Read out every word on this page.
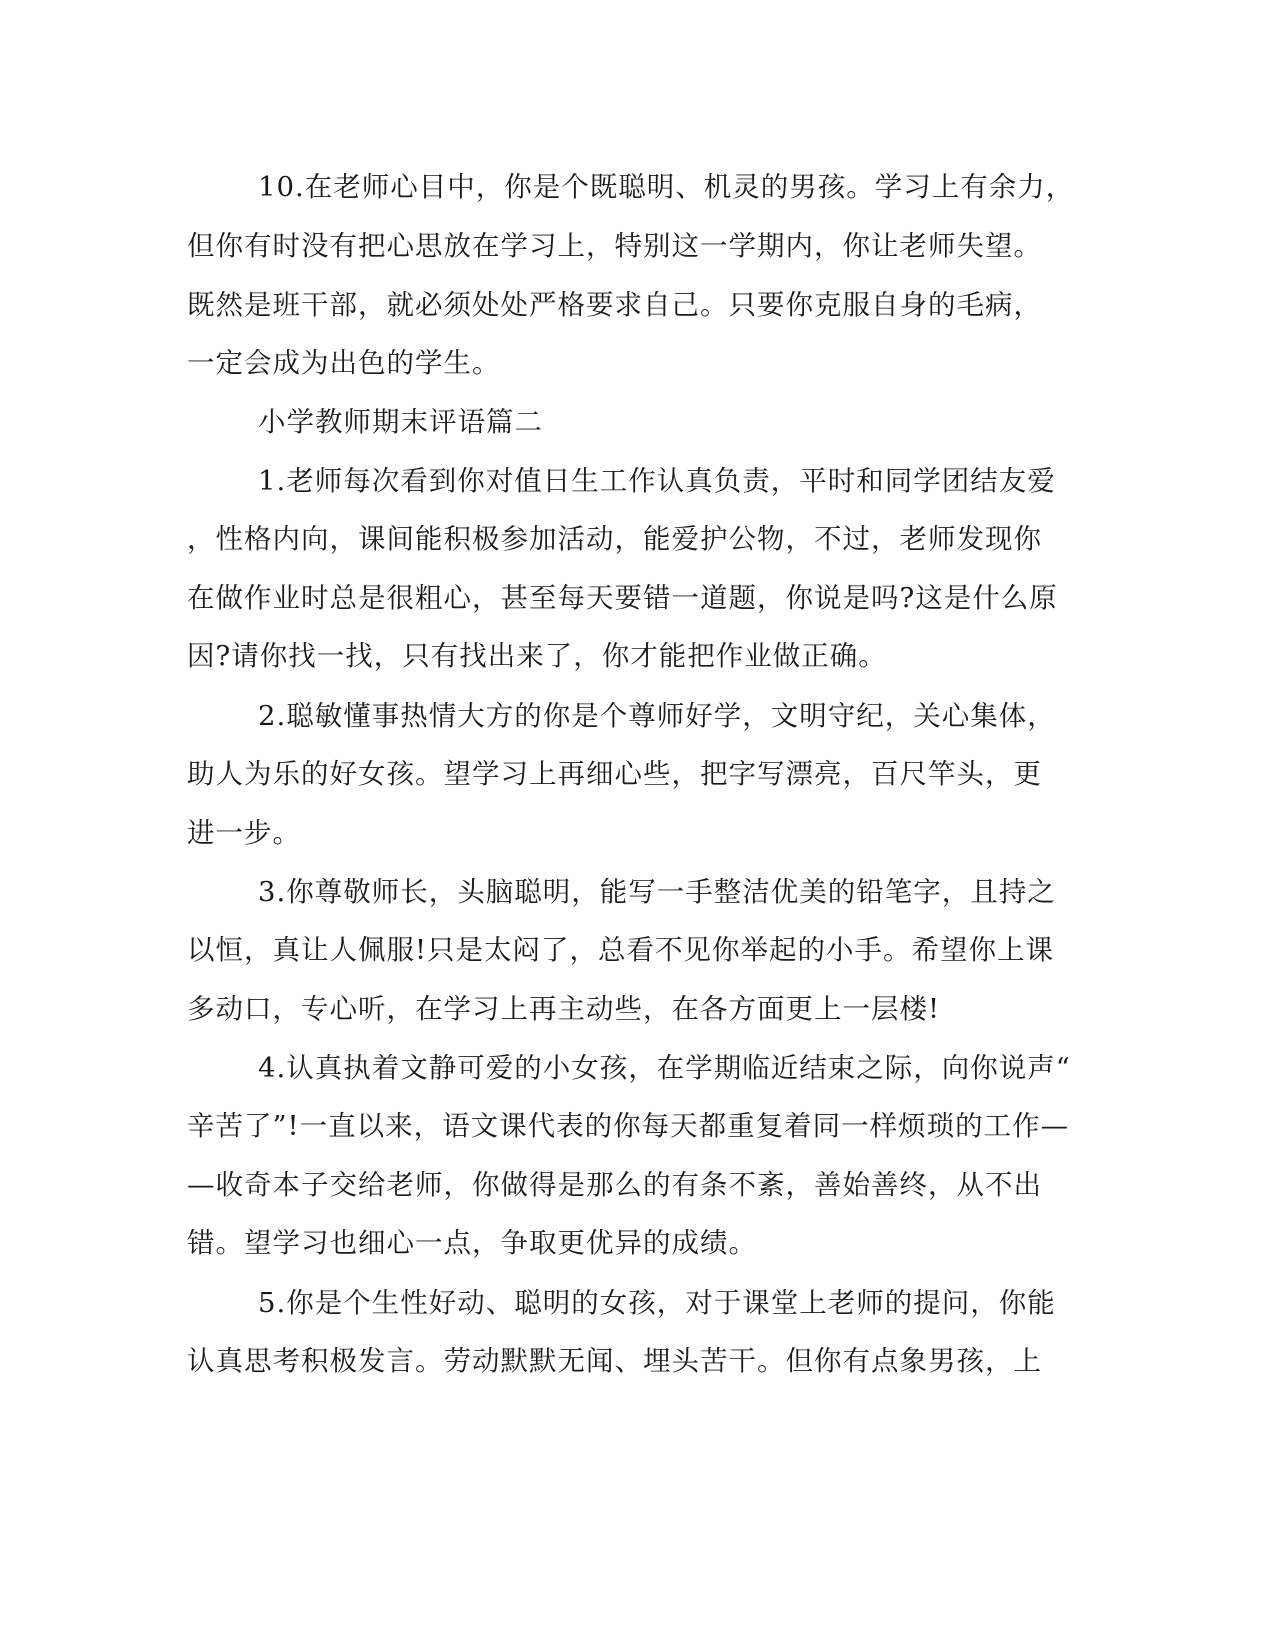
10.在老师心目中，你是个既聪明、机灵的男孩。学习上有余力，
但你有时没有把心思放在学习上，特别这一学期内，你让老师失望。
既然是班干部，就必须处处严格要求自己。只要你克服自身的毛病，
一定会成为出色的学生。
小学教师期末评语篇二
1.老师每次看到你对值日生工作认真负责，平时和同学团结友爱
，性格内向，课间能积极参加活动，能爱护公物，不过，老师发现你
在做作业时总是很粗心，甚至每天要错一道题，你说是吗?这是什么原
因?请你找一找，只有找出来了，你才能把作业做正确。
2.聪敏懂事热情大方的你是个尊师好学，文明守纪，关心集体，
助人为乐的好女孩。望学习上再细心些，把字写漂亮，百尺竿头，更
进一步。
3.你尊敬师长，头脑聪明，能写一手整洁优美的铅笔字，且持之
以恒，真让人佩服!只是太闷了，总看不见你举起的小手。希望你上课
多动口，专心听，在学习上再主动些，在各方面更上一层楼!
4.认真执着文静可爱的小女孩，在学期临近结束之际，向你说声“
辛苦了”!一直以来，语文课代表的你每天都重复着同一样烦琐的工作—
—收奇本子交给老师，你做得是那么的有条不紊，善始善终，从不出
错。望学习也细心一点，争取更优异的成绩。
5.你是个生性好动、聪明的女孩，对于课堂上老师的提问，你能
认真思考积极发言。劳动默默无闻、埋头苦干。但你有点象男孩，上
